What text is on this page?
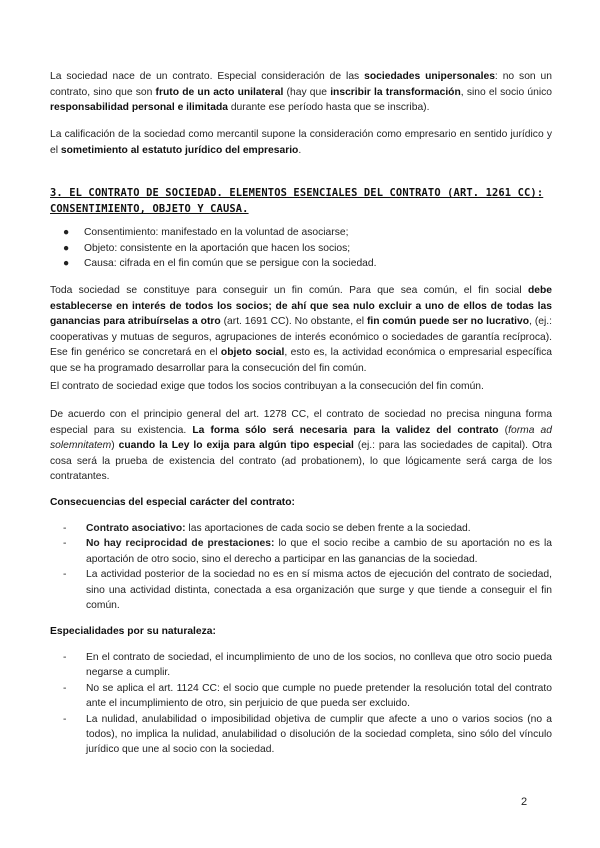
La sociedad nace de un contrato. Especial consideración de las sociedades unipersonales: no son un contrato, sino que son fruto de un acto unilateral (hay que inscribir la transformación, sino el socio único responsabilidad personal e ilimitada durante ese período hasta que se inscriba).

La calificación de la sociedad como mercantil supone la consideración como empresario en sentido jurídico y el sometimiento al estatuto jurídico del empresario.

3. EL CONTRATO DE SOCIEDAD. ELEMENTOS ESENCIALES DEL CONTRATO (ART. 1261 CC): CONSENTIMIENTO, OBJETO Y CAUSA.
● Consentimiento: manifestado en la voluntad de asociarse;
● Objeto: consistente en la aportación que hacen los socios;
● Causa: cifrada en el fin común que se persigue con la sociedad.

Toda sociedad se constituye para conseguir un fin común. Para que sea común, el fin social debe establecerse en interés de todos los socios; de ahí que sea nulo excluir a uno de ellos de todas las ganancias para atribuírselas a otro (art. 1691 CC). No obstante, el fin común puede ser no lucrativo, (ej.: cooperativas y mutuas de seguros, agrupaciones de interés económico o sociedades de garantía recíproca). Ese fin genérico se concretará en el objeto social, esto es, la actividad económica o empresarial específica que se ha programado desarrollar para la consecución del fin común.

El contrato de sociedad exige que todos los socios contribuyan a la consecución del fin común.

De acuerdo con el principio general del art. 1278 CC, el contrato de sociedad no precisa ninguna forma especial para su existencia. La forma sólo será necesaria para la validez del contrato (forma ad solemnitatem) cuando la Ley lo exija para algún tipo especial (ej.: para las sociedades de capital). Otra cosa será la prueba de existencia del contrato (ad probationem), lo que lógicamente será carga de los contratantes.

Consecuencias del especial carácter del contrato:

- Contrato asociativo: las aportaciones de cada socio se deben frente a la sociedad.
- No hay reciprocidad de prestaciones: lo que el socio recibe a cambio de su aportación no es la aportación de otro socio, sino el derecho a participar en las ganancias de la sociedad.
- La actividad posterior de la sociedad no es en sí misma actos de ejecución del contrato de sociedad, sino una actividad distinta, conectada a esa organización que surge y que tiende a conseguir el fin común.

Especialidades por su naturaleza:

- En el contrato de sociedad, el incumplimiento de uno de los socios, no conlleva que otro socio pueda negarse a cumplir.
- No se aplica el art. 1124 CC: el socio que cumple no puede pretender la resolución total del contrato ante el incumplimiento de otro, sin perjuicio de que pueda ser excluido.
- La nulidad, anulabilidad o imposibilidad objetiva de cumplir que afecte a uno o varios socios (no a todos), no implica la nulidad, anulabilidad o disolución de la sociedad completa, sino sólo del vínculo jurídico que une al socio con la sociedad.
2
